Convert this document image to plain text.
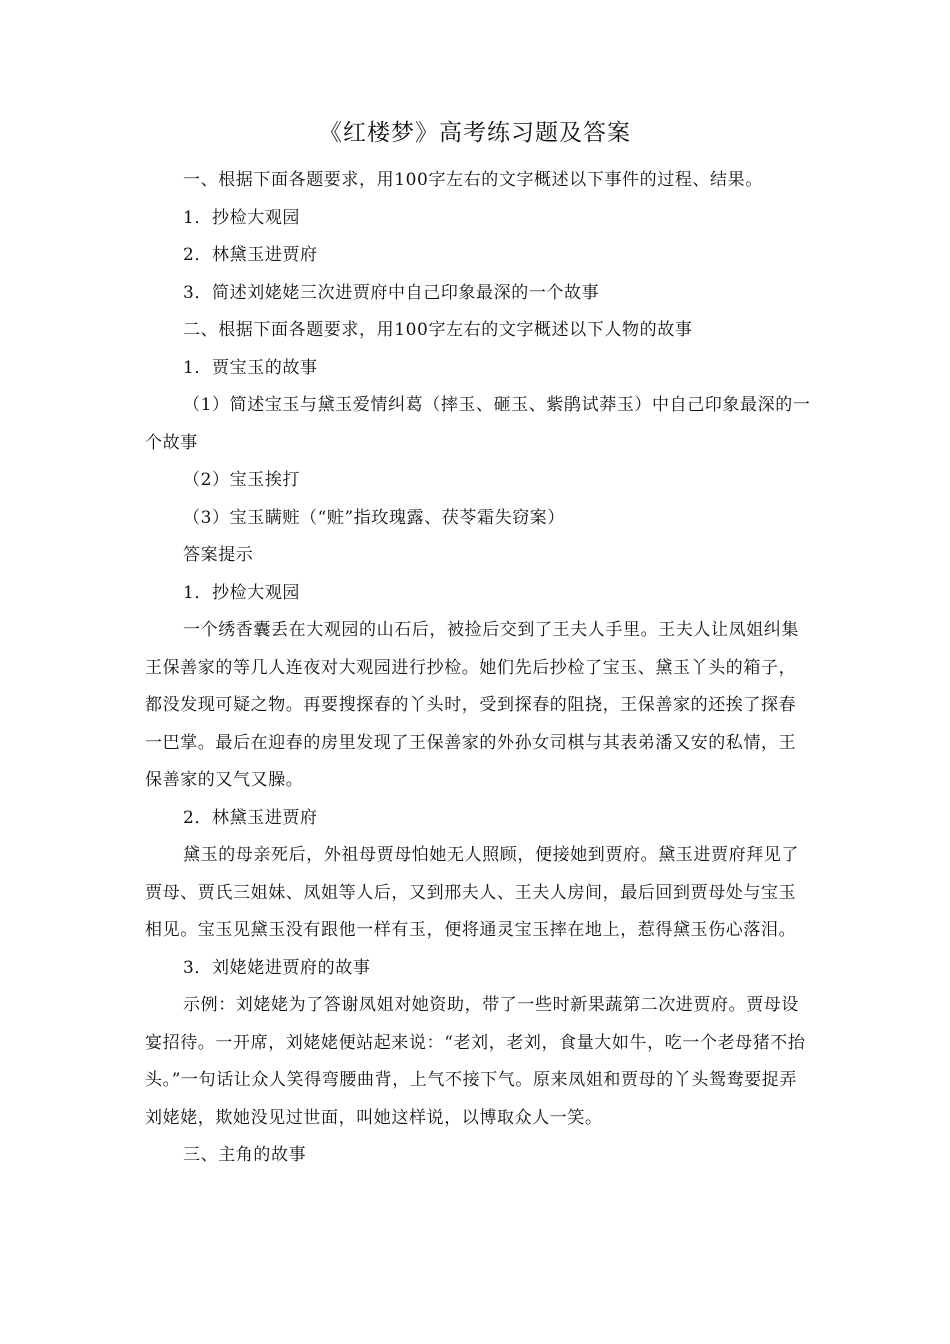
《红楼梦》高考练习题及答案

一、根据下面各题要求，用100字左右的文字概述以下事件的过程、结果。

1．抄检大观园

2．林黛玉进贾府

3．简述刘姥姥三次进贾府中自己印象最深的一个故事

二、根据下面各题要求，用100字左右的文字概述以下人物的故事

1．贾宝玉的故事

（1）简述宝玉与黛玉爱情纠葛（摔玉、砸玉、紫鹃试莽玉）中自己印象最深的一个故事

（2）宝玉挨打

（3）宝玉瞒赃（“赃”指玫瑰露、茯苓霜失窃案）

答案提示

1．抄检大观园

一个绣香囊丢在大观园的山石后，被捡后交到了王夫人手里。王夫人让凤姐纠集王保善家的等几人连夜对大观园进行抄检。她们先后抄检了宝玉、黛玉丫头的箱子，都没发现可疑之物。再要搜探春的丫头时，受到探春的阻挠，王保善家的还挨了探春一巴掌。最后在迎春的房里发现了王保善家的外孙女司棋与其表弟潘又安的私情，王保善家的又气又臊。

2．林黛玉进贾府

黛玉的母亲死后，外祖母贾母怕她无人照顾，便接她到贾府。黛玉进贾府拜见了贾母、贾氏三姐妹、凤姐等人后，又到邢夫人、王夫人房间，最后回到贾母处与宝玉相见。宝玉见黛玉没有跟他一样有玉，便将通灵宝玉摔在地上，惹得黛玉伤心落泪。

3．刘姥姥进贾府的故事

示例：刘姥姥为了答谢凤姐对她资助，带了一些时新果蔬第二次进贾府。贾母设宴招待。一开席，刘姥姥便站起来说：“老刘，老刘，食量大如牛，吃一个老母猪不抬头。”一句话让众人笑得弯腰曲背，上气不接下气。原来凤姐和贾母的丫头鸳鸯要捉弄刘姥姥，欺她没见过世面，叫她这样说，以博取众人一笑。

三、主角的故事
